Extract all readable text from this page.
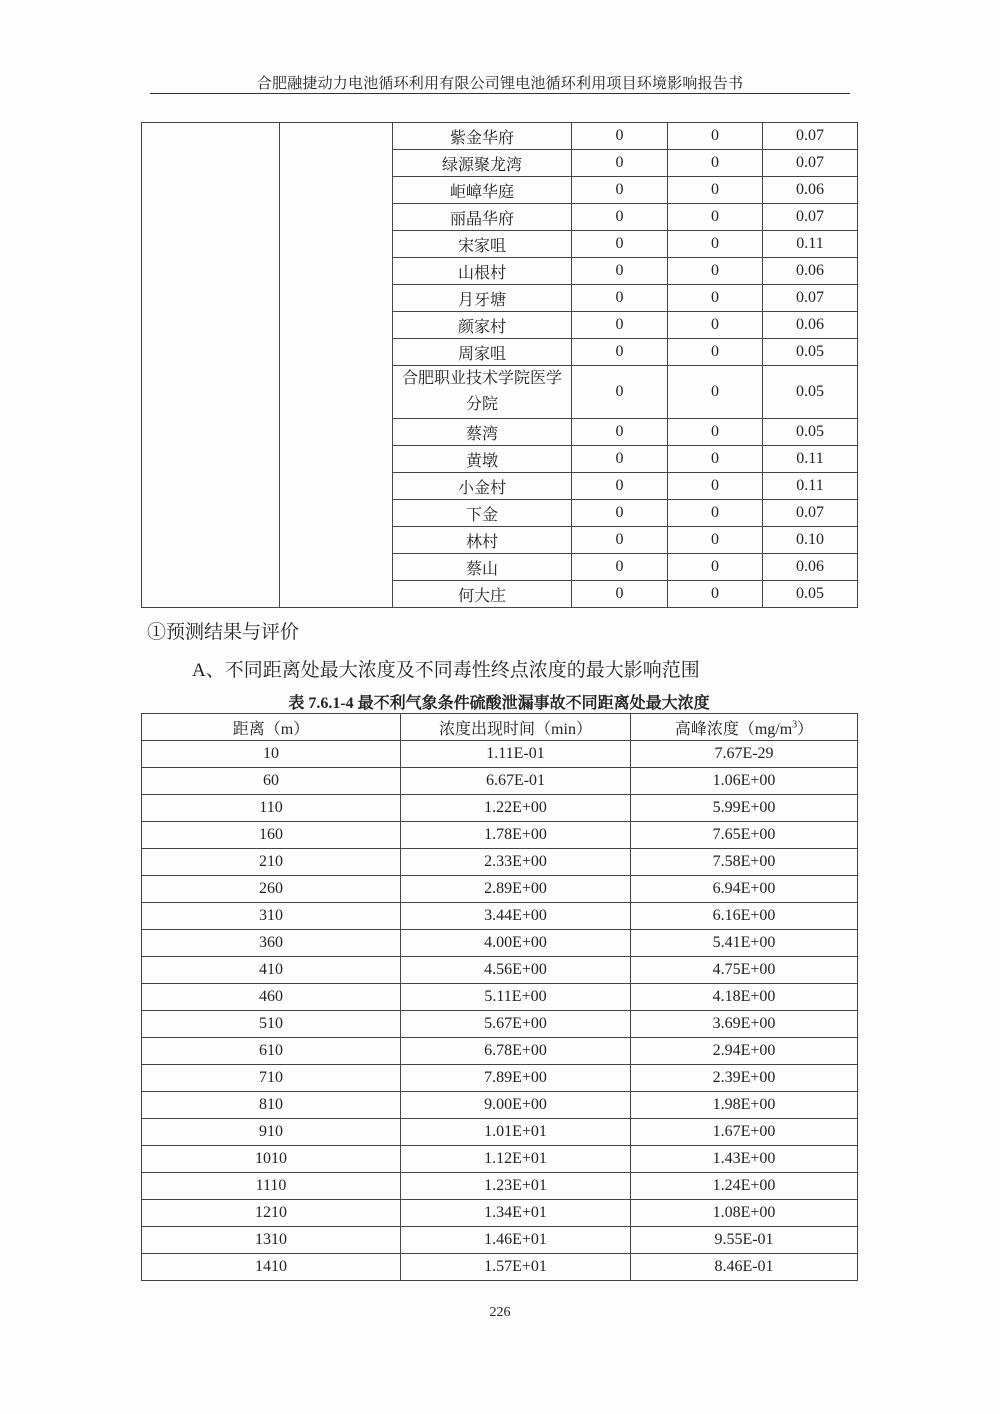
合肥融捷动力电池循环利用有限公司锂电池循环利用项目环境影响报告书
		紫金华府	0	0	0.07
		绿源聚龙湾	0	0	0.07
		岠嶂华庭	0	0	0.06
		丽晶华府	0	0	0.07
		宋家咀	0	0	0.11
		山根村	0	0	0.06
		月牙塘	0	0	0.07
		颜家村	0	0	0.06
		周家咀	0	0	0.05
		合肥职业技术学院医学分院	0	0	0.05
		蔡湾	0	0	0.05
		黄墩	0	0	0.11
		小金村	0	0	0.11
		下金	0	0	0.07
		林村	0	0	0.10
		蔡山	0	0	0.06
		何大庄	0	0	0.05
①预测结果与评价
A、不同距离处最大浓度及不同毒性终点浓度的最大影响范围
表 7.6.1-4 最不利气象条件硫酸泄漏事故不同距离处最大浓度
距离（m）	浓度出现时间（min）	高峰浓度$(mg/m^3)$
10	1.11E-01	7.67E-29
60	6.67E-01	1.06E+00
110	1.22E+00	5.99E+00
160	1.78E+00	7.65E+00
210	2.33E+00	7.58E+00
260	2.89E+00	6.94E+00
310	3.44E+00	6.16E+00
360	4.00E+00	5.41E+00
410	4.56E+00	4.75E+00
460	5.11E+00	4.18E+00
510	5.67E+00	3.69E+00
610	6.78E+00	2.94E+00
710	7.89E+00	2.39E+00
810	9.00E+00	1.98E+00
910	1.01E+01	1.67E+00
1010	1.12E+01	1.43E+00
1110	1.23E+01	1.24E+00
1210	1.34E+01	1.08E+00
1310	1.46E+01	9.55E-01
1410	1.57E+01	8.46E-01
226
